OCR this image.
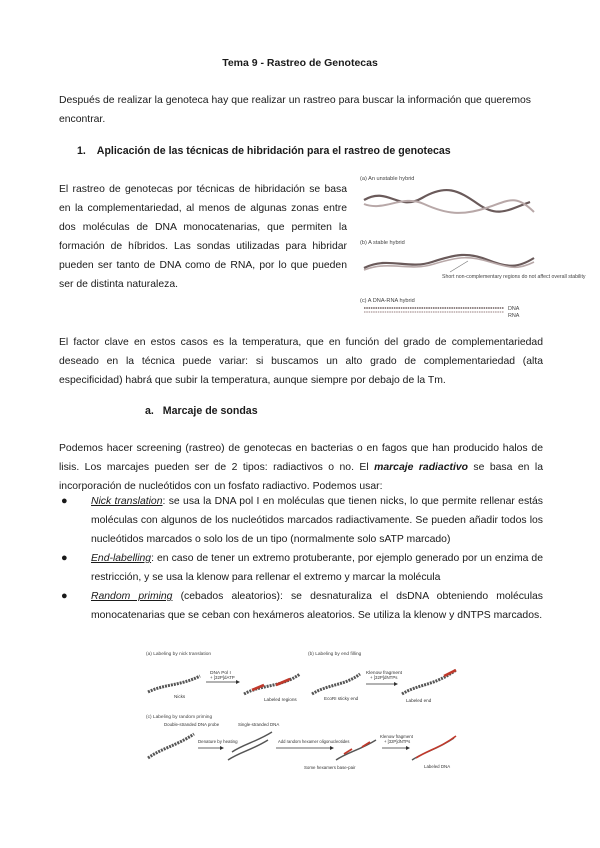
Tema 9 - Rastreo de Genotecas

Después de realizar la genoteca hay que realizar un rastreo para buscar la información que queremos encontrar.

1. Aplicación de las técnicas de hibridación para el rastreo de genotecas

El rastreo de genotecas por técnicas de hibridación se basa en la complementariedad, al menos de algunas zonas entre dos moléculas de DNA monocatenarias, que permiten la formación de híbridos. Las sondas utilizadas para hibridar pueden ser tanto de DNA como de RNA, por lo que pueden ser de distinta naturaleza.

(a) An unstable hybrid
(b) A stable hybrid
Short non-complementary regions do not affect overall stability
(c) A DNA-RNA hybrid
DNA
RNA

El factor clave en estos casos es la temperatura, que en función del grado de complementariedad deseado en la técnica puede variar: si buscamos un alto grado de complementariedad (alta especificidad) habrá que subir la temperatura, aunque siempre por debajo de la Tm.

a. Marcaje de sondas

Podemos hacer screening (rastreo) de genotecas en bacterias o en fagos que han producido halos de lisis. Los marcajes pueden ser de 2 tipos: radiactivos o no. El marcaje radiactivo se basa en la incorporación de nucleótidos con un fosfato radiactivo. Podemos usar:

● Nick translation: se usa la DNA pol I en moléculas que tienen nicks, lo que permite rellenar estás moléculas con algunos de los nucleótidos marcados radiactivamente. Se pueden añadir todos los nucleótidos marcados o solo los de un tipo (normalmente solo sATP marcado)
● End-labelling: en caso de tener un extremo protuberante, por ejemplo generado por un enzima de restricción, y se usa la klenow para rellenar el extremo y marcar la molécula
● Random priming (cebados aleatorios): se desnaturaliza el dsDNA obteniendo moléculas monocatenarias que se ceban con hexámeros aleatorios. Se utiliza la klenow y dNTPS marcados.
(a) Labeling by nick translation
DNA Pol I
+ [32P]dATP
Nicks
Labeled regions
(b) Labeling by end filling
Klenow fragment
+ [32P]dNTPs
EcoRI sticky end	Labeled end
(c) Labeling by random priming
Double-stranded DNA probe
Denature by heating
Single-stranded DNA
Add random hexamer oligonucleotides
Some hexamers base-pair
Klenow fragment
+ [32P]dNTPs
Labeled DNA
